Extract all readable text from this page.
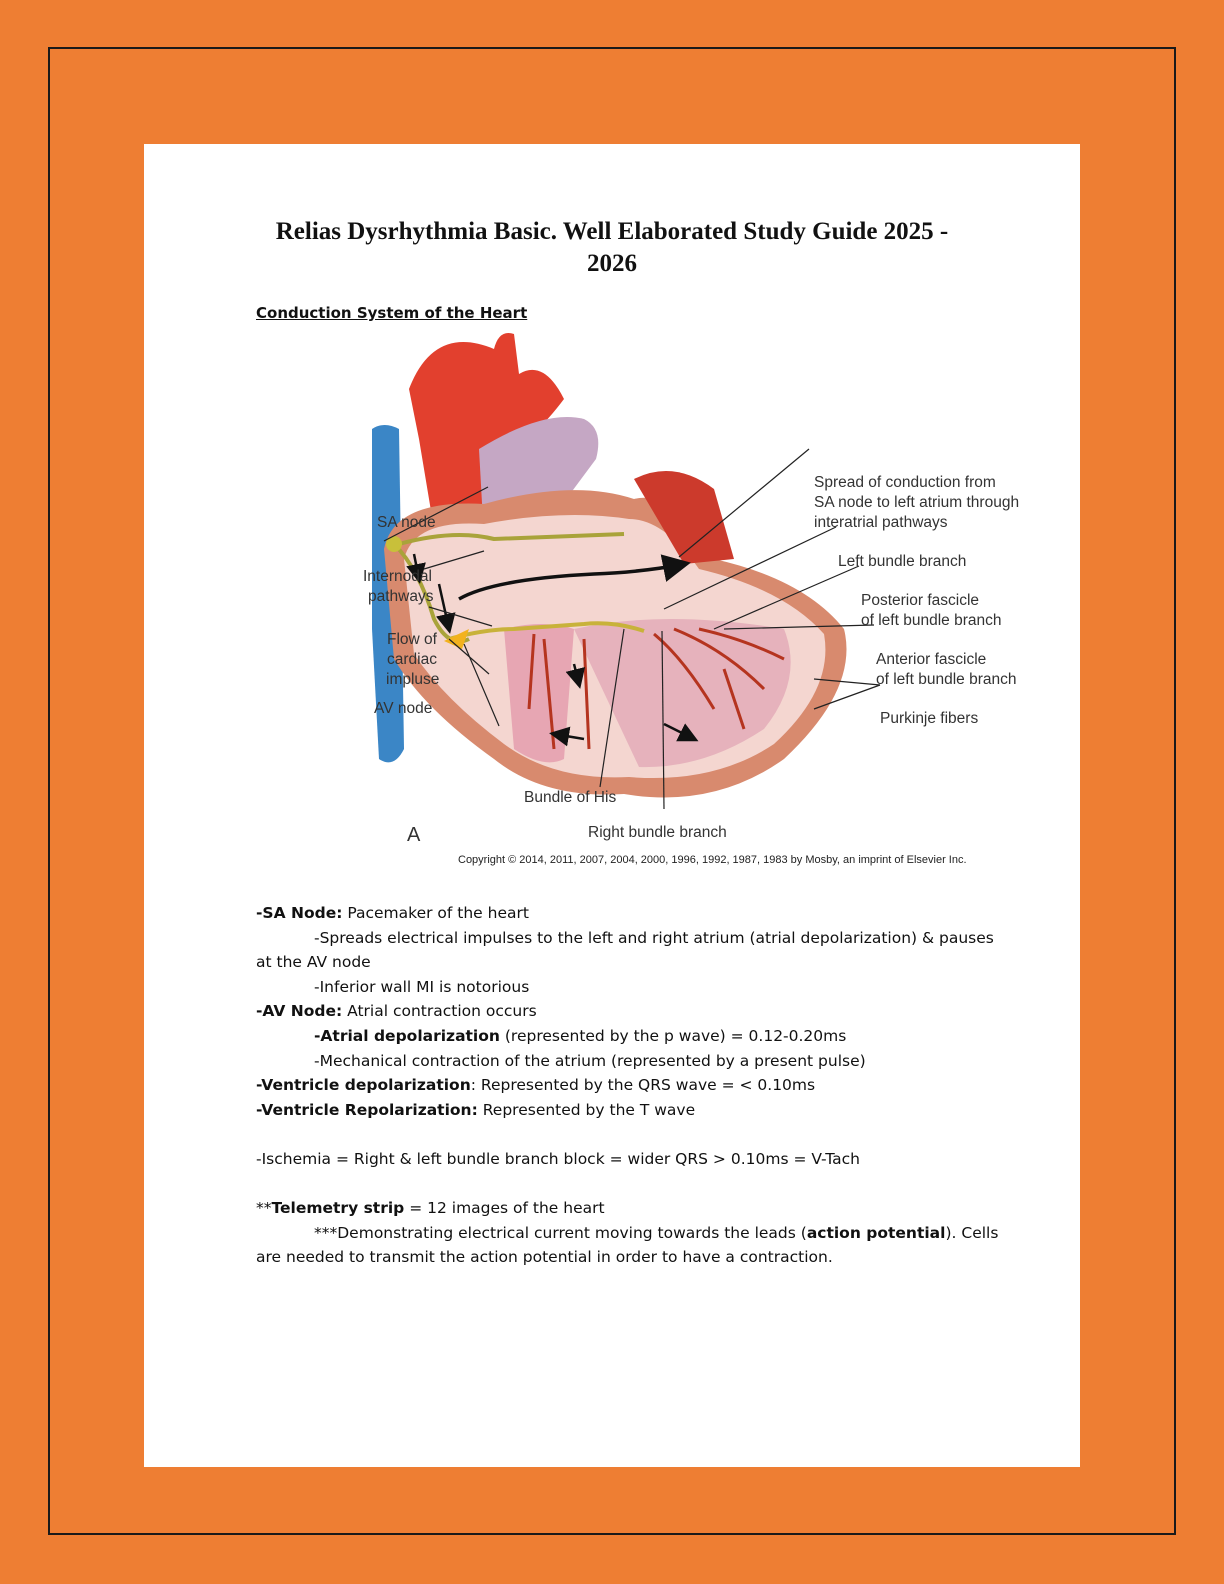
Relias Dysrhythmia Basic. Well Elaborated Study Guide 2025 - 2026
Conduction System of the Heart
SA node
Internodal
pathways
Flow of
cardiac
impluse
AV node
Spread of conduction from
SA node to left atrium through
interatrial pathways
Left bundle branch
Posterior fascicle
of left bundle branch
Anterior fascicle
of left bundle branch
Purkinje fibers
Bundle of His
Right bundle branch
A
Copyright © 2014, 2011, 2007, 2004, 2000, 1996, 1992, 1987, 1983 by Mosby, an imprint of Elsevier Inc.

-SA Node: Pacemaker of the heart

-Spreads electrical impulses to the left and right atrium (atrial depolarization) & pauses

at the AV node

-Inferior wall MI is notorious

-AV Node: Atrial contraction occurs

-Atrial depolarization (represented by the p wave) = 0.12-0.20ms

-Mechanical contraction of the atrium (represented by a present pulse)

-Ventricle depolarization: Represented by the QRS wave = < 0.10ms

-Ventricle Repolarization: Represented by the T wave

-Ischemia = Right & left bundle branch block = wider QRS > 0.10ms = V-Tach

**Telemetry strip = 12 images of the heart

***Demonstrating electrical current moving towards the leads (action potential). Cells

are needed to transmit the action potential in order to have a contraction.
